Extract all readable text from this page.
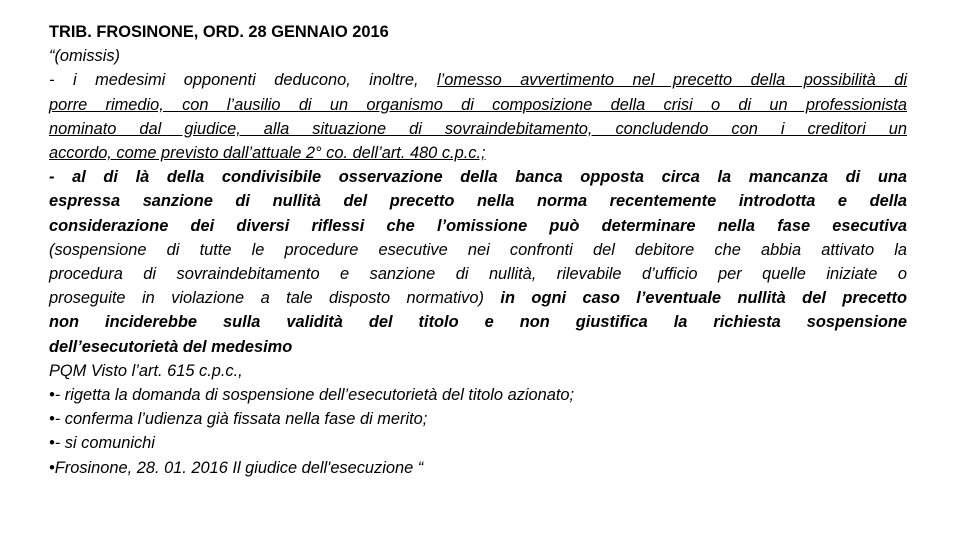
TRIB. FROSINONE, ORD. 28 GENNAIO 2016
“(omissis)
- i medesimi opponenti deducono, inoltre, l’omesso avvertimento nel precetto della possibilità di
porre rimedio, con l’ausilio di un organismo di composizione della crisi o di un professionista
nominato dal giudice, alla situazione di sovraindebitamento, concludendo con i creditori un
accordo, come previsto dall’attuale 2° co. dell’art. 480 c.p.c.;
- al di là della condivisibile osservazione della banca opposta circa la mancanza di una
espressa sanzione di nullità del precetto nella norma recentemente introdotta e della
considerazione dei diversi riflessi che l’omissione può determinare nella fase esecutiva
(sospensione di tutte le procedure esecutive nei confronti del debitore che abbia attivato la
procedura di sovraindebitamento e sanzione di nullità, rilevabile d’ufficio per quelle iniziate o
proseguite in violazione a tale disposto normativo) in ogni caso l’eventuale nullità del precetto
non inciderebbe sulla validità del titolo e non giustifica la richiesta sospensione
dell’esecutorietà del medesimo
PQM Visto l’art. 615 c.p.c.,
•- rigetta la domanda di sospensione dell’esecutorietà del titolo azionato;
•- conferma l’udienza già fissata nella fase di merito;
•- si comunichi
•Frosinone, 28. 01. 2016 Il giudice dell'esecuzione “
